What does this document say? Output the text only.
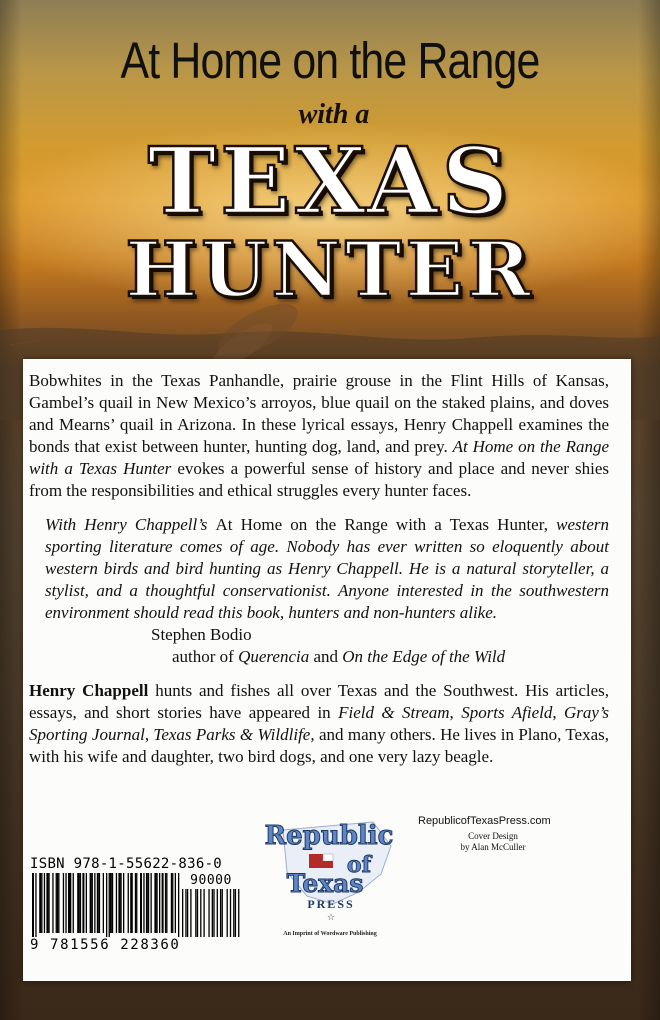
At Home on the Range
with a
TEXAS
HUNTER

Bobwhites in the Texas Panhandle, prairie grouse in the Flint Hills of Kansas, Gambel’s quail in New Mexico’s arroyos, blue quail on the staked plains, and doves and Mearns’ quail in Arizona. In these lyrical essays, Henry Chappell examines the bonds that exist between hunter, hunting dog, land, and prey. At Home on the Range with a Texas Hunter evokes a powerful sense of history and place and never shies from the responsibilities and ethical struggles every hunter faces.

With Henry Chappell’s At Home on the Range with a Texas Hunter, western sporting literature comes of age. Nobody has ever written so eloquently about western birds and bird hunting as Henry Chappell. He is a natural storyteller, a stylist, and a thoughtful conservationist. Anyone interested in the southwestern environment should read this book, hunters and non-hunters alike.

Stephen Bodio

author of Querencia and On the Edge of the Wild

Henry Chappell hunts and fishes all over Texas and the Southwest. His articles, essays, and short stories have appeared in Field & Stream, Sports Afield, Gray’s Sporting Journal, Texas Parks & Wildlife, and many others. He lives in Plano, Texas, with his wife and daughter, two bird dogs, and one very lazy beagle.

ISBN 978-1-55622-836-0
90000
9 781556 228360
Republic
of
Texas
PRESS
☆
An Imprint of Wordware Publishing
RepublicofTexasPress.com
Cover Design
by Alan McCuller
